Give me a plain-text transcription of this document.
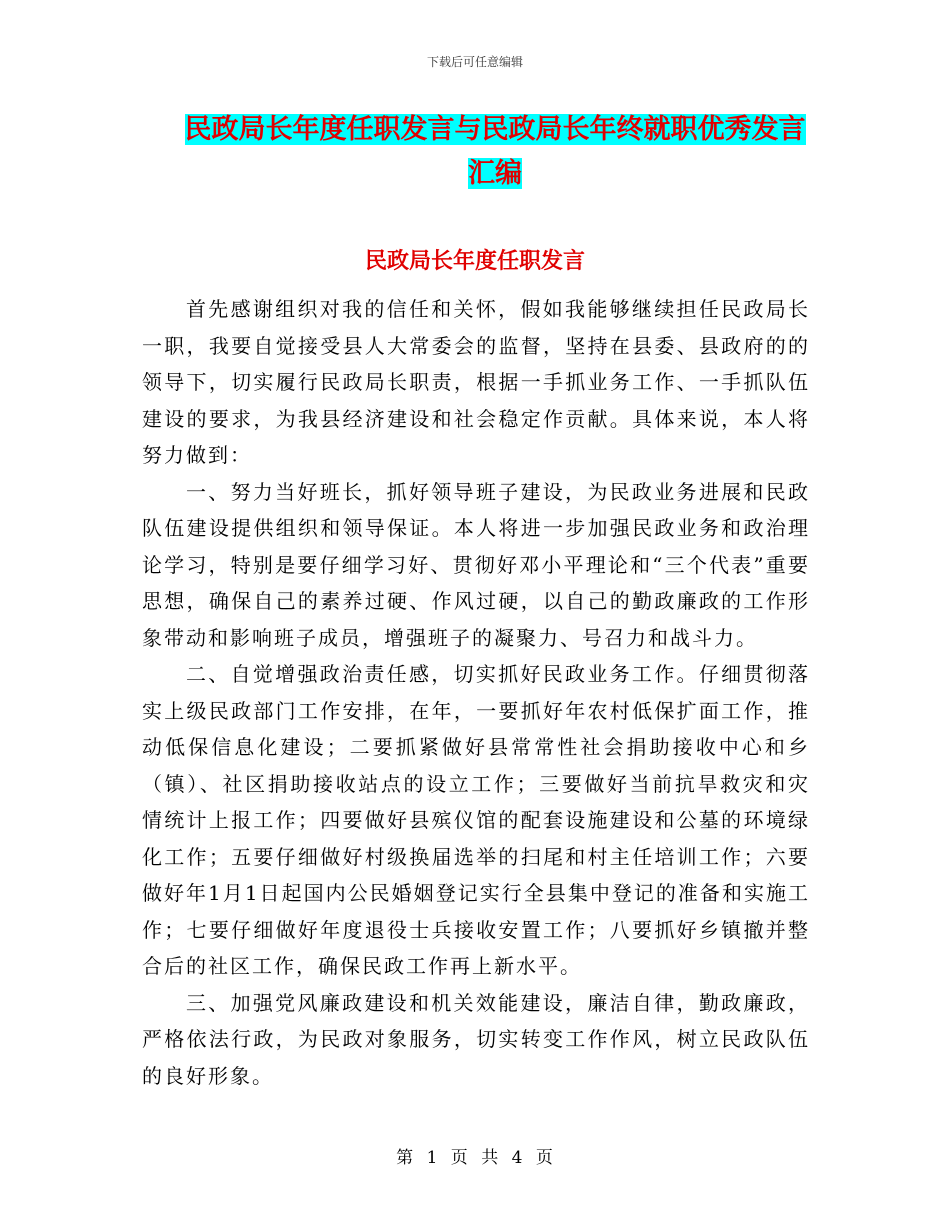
下载后可任意编辑
民政局长年度任职发言与民政局长年终就职优秀发言
汇编
民政局长年度任职发言

首先感谢组织对我的信任和关怀，假如我能够继续担任民政局长一职，我要自觉接受县人大常委会的监督，坚持在县委、县政府的的领导下，切实履行民政局长职责，根据一手抓业务工作、一手抓队伍建设的要求，为我县经济建设和社会稳定作贡献。具体来说，本人将努力做到：

一、努力当好班长，抓好领导班子建设，为民政业务进展和民政队伍建设提供组织和领导保证。本人将进一步加强民政业务和政治理论学习，特别是要仔细学习好、贯彻好邓小平理论和“三个代表”重要思想，确保自己的素养过硬、作风过硬，以自己的勤政廉政的工作形象带动和影响班子成员，增强班子的凝聚力、号召力和战斗力。

二、自觉增强政治责任感，切实抓好民政业务工作。仔细贯彻落实上级民政部门工作安排，在年，一要抓好年农村低保扩面工作，推动低保信息化建设；二要抓紧做好县常常性社会捐助接收中心和乡（镇）、社区捐助接收站点的设立工作；三要做好当前抗旱救灾和灾情统计上报工作；四要做好县殡仪馆的配套设施建设和公墓的环境绿化工作；五要仔细做好村级换届选举的扫尾和村主任培训工作；六要做好年1月1日起国内公民婚姻登记实行全县集中登记的准备和实施工作；七要仔细做好年度退役士兵接收安置工作；八要抓好乡镇撤并整合后的社区工作，确保民政工作再上新水平。

三、加强党风廉政建设和机关效能建设，廉洁自律，勤政廉政，严格依法行政，为民政对象服务，切实转变工作作风，树立民政队伍的良好形象。

第 1 页 共 4 页
